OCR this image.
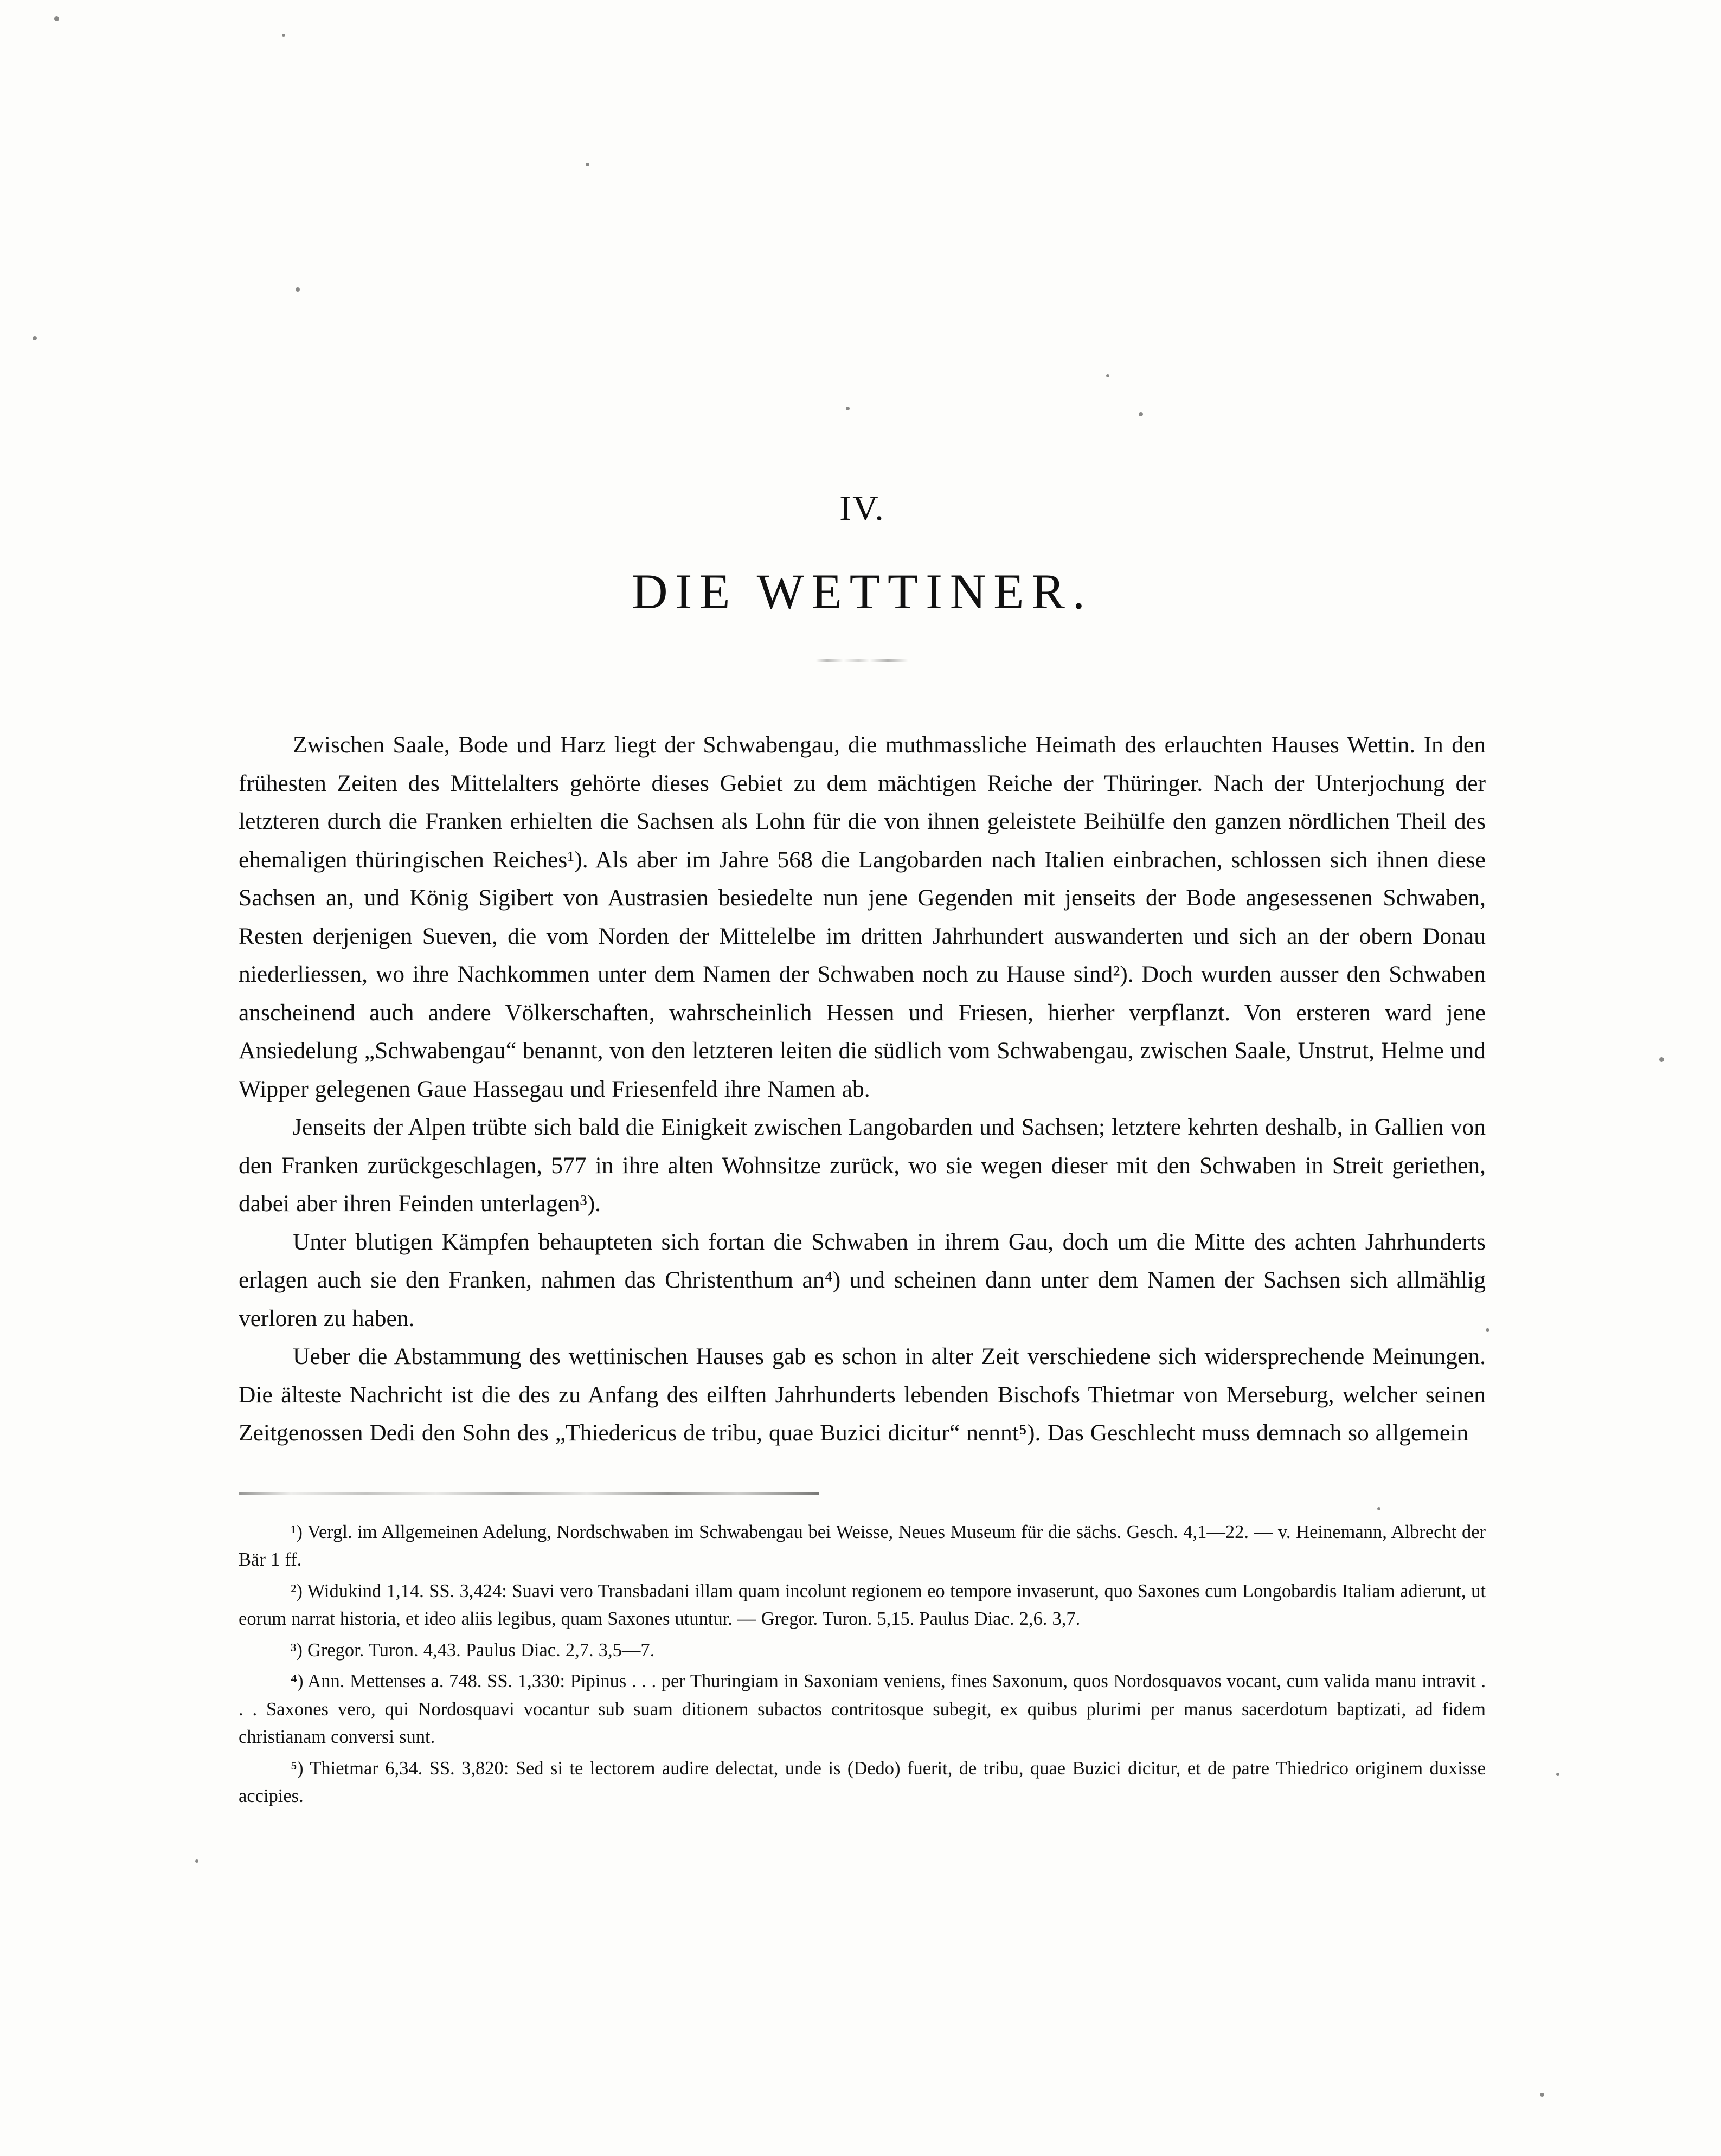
IV.
DIE WETTINER.

Zwischen Saale, Bode und Harz liegt der Schwabengau, die muthmassliche Heimath des erlauchten Hauses Wettin. In den frühesten Zeiten des Mittelalters gehörte dieses Gebiet zu dem mächtigen Reiche der Thüringer. Nach der Unterjochung der letzteren durch die Franken erhielten die Sachsen als Lohn für die von ihnen geleistete Beihülfe den ganzen nördlichen Theil des ehemaligen thüringischen Reiches¹). Als aber im Jahre 568 die Langobarden nach Italien einbrachen, schlossen sich ihnen diese Sachsen an, und König Sigibert von Austrasien besiedelte nun jene Gegenden mit jenseits der Bode angesessenen Schwaben, Resten derjenigen Sueven, die vom Norden der Mittelelbe im dritten Jahrhundert auswanderten und sich an der obern Donau niederliessen, wo ihre Nachkommen unter dem Namen der Schwaben noch zu Hause sind²). Doch wurden ausser den Schwaben anscheinend auch andere Völkerschaften, wahrscheinlich Hessen und Friesen, hierher verpflanzt. Von ersteren ward jene Ansiedelung „Schwabengau“ benannt, von den letzteren leiten die südlich vom Schwabengau, zwischen Saale, Unstrut, Helme und Wipper gelegenen Gaue Hassegau und Friesenfeld ihre Namen ab.

Jenseits der Alpen trübte sich bald die Einigkeit zwischen Langobarden und Sachsen; letztere kehrten deshalb, in Gallien von den Franken zurückgeschlagen, 577 in ihre alten Wohnsitze zurück, wo sie wegen dieser mit den Schwaben in Streit geriethen, dabei aber ihren Feinden unterlagen³).

Unter blutigen Kämpfen behaupteten sich fortan die Schwaben in ihrem Gau, doch um die Mitte des achten Jahrhunderts erlagen auch sie den Franken, nahmen das Christenthum an⁴) und scheinen dann unter dem Namen der Sachsen sich allmählig verloren zu haben.

Ueber die Abstammung des wettinischen Hauses gab es schon in alter Zeit verschiedene sich widersprechende Meinungen. Die älteste Nachricht ist die des zu Anfang des eilften Jahrhunderts lebenden Bischofs Thietmar von Merseburg, welcher seinen Zeitgenossen Dedi den Sohn des „Thiedericus de tribu, quae Buzici dicitur“ nennt⁵). Das Geschlecht muss demnach so allgemein

¹) Vergl. im Allgemeinen Adelung, Nordschwaben im Schwabengau bei Weisse, Neues Museum für die sächs. Gesch. 4,1—22. — v. Heinemann, Albrecht der Bär 1 ff.

²) Widukind 1,14. SS. 3,424: Suavi vero Transbadani illam quam incolunt regionem eo tempore invaserunt, quo Saxones cum Longobardis Italiam adierunt, ut eorum narrat historia, et ideo aliis legibus, quam Saxones utuntur. — Gregor. Turon. 5,15. Paulus Diac. 2,6. 3,7.

³) Gregor. Turon. 4,43. Paulus Diac. 2,7. 3,5—7.

⁴) Ann. Mettenses a. 748. SS. 1,330: Pipinus . . . per Thuringiam in Saxoniam veniens, fines Saxonum, quos Nordosquavos vocant, cum valida manu intravit . . . Saxones vero, qui Nordosquavi vocantur sub suam ditionem subactos contritosque subegit, ex quibus plurimi per manus sacerdotum baptizati, ad fidem christianam conversi sunt.

⁵) Thietmar 6,34. SS. 3,820: Sed si te lectorem audire delectat, unde is (Dedo) fuerit, de tribu, quae Buzici dicitur, et de patre Thiedrico originem duxisse accipies.
